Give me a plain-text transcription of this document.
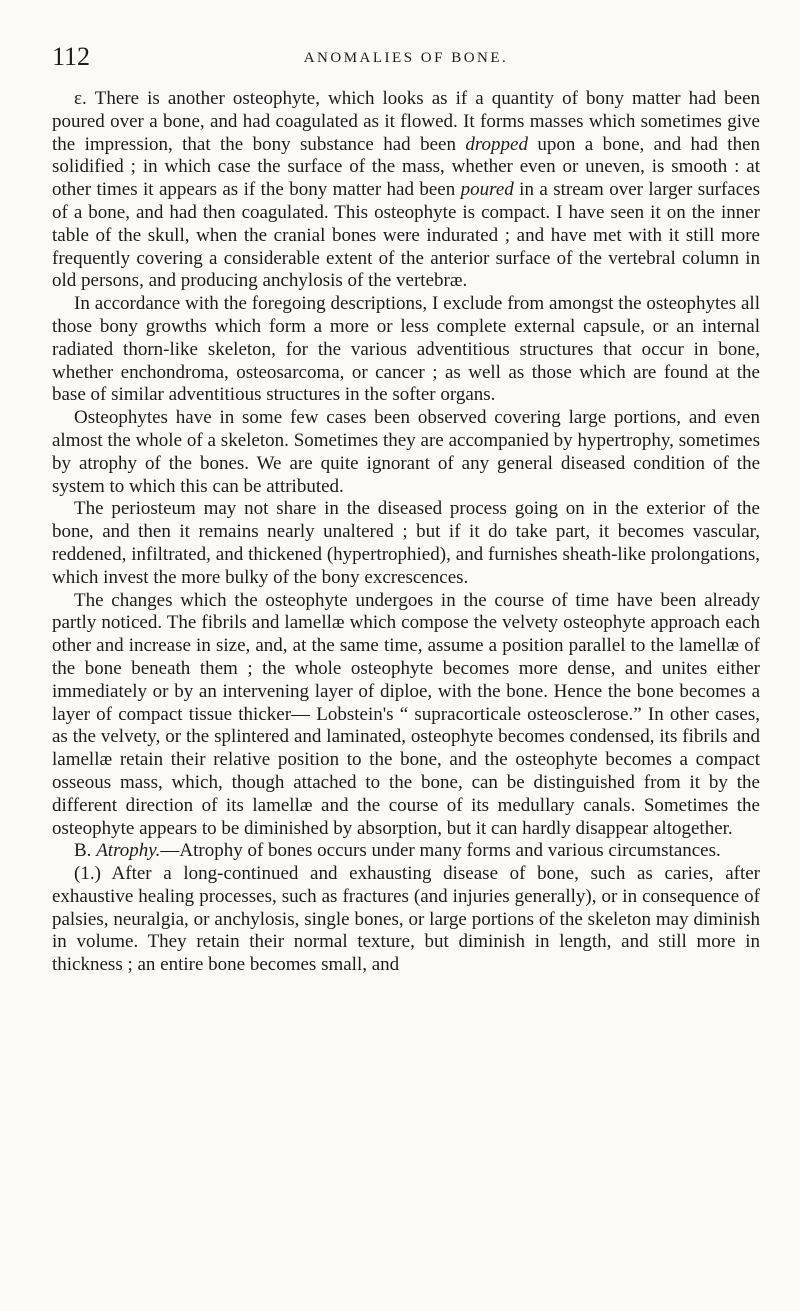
112	ANOMALIES OF BONE.

ε. There is another osteophyte, which looks as if a quantity of bony matter had been poured over a bone, and had coagulated as it flowed. It forms masses which sometimes give the impression, that the bony substance had been dropped upon a bone, and had then solidified ; in which case the surface of the mass, whether even or uneven, is smooth : at other times it appears as if the bony matter had been poured in a stream over larger surfaces of a bone, and had then coagulated. This osteophyte is compact. I have seen it on the inner table of the skull, when the cranial bones were indurated ; and have met with it still more frequently covering a considerable extent of the anterior surface of the vertebral column in old persons, and producing anchylosis of the vertebræ.

In accordance with the foregoing descriptions, I exclude from amongst the osteophytes all those bony growths which form a more or less complete external capsule, or an internal radiated thorn-like skeleton, for the various adventitious structures that occur in bone, whether enchondroma, osteosarcoma, or cancer ; as well as those which are found at the base of similar adventitious structures in the softer organs.

Osteophytes have in some few cases been observed covering large portions, and even almost the whole of a skeleton. Sometimes they are accompanied by hypertrophy, sometimes by atrophy of the bones. We are quite ignorant of any general diseased condition of the system to which this can be attributed.

The periosteum may not share in the diseased process going on in the exterior of the bone, and then it remains nearly unaltered ; but if it do take part, it becomes vascular, reddened, infiltrated, and thickened (hypertrophied), and furnishes sheath-like prolongations, which invest the more bulky of the bony excrescences.

The changes which the osteophyte undergoes in the course of time have been already partly noticed. The fibrils and lamellæ which compose the velvety osteophyte approach each other and increase in size, and, at the same time, assume a position parallel to the lamellæ of the bone beneath them ; the whole osteophyte becomes more dense, and unites either immediately or by an intervening layer of diploe, with the bone. Hence the bone becomes a layer of compact tissue thicker— Lobstein's “ supracorticale osteosclerose.” In other cases, as the velvety, or the splintered and laminated, osteophyte becomes condensed, its fibrils and lamellæ retain their relative position to the bone, and the osteophyte becomes a compact osseous mass, which, though attached to the bone, can be distinguished from it by the different direction of its lamellæ and the course of its medullary canals. Sometimes the osteophyte appears to be diminished by absorption, but it can hardly disappear altogether.

B. Atrophy.—Atrophy of bones occurs under many forms and various circumstances.

(1.) After a long-continued and exhausting disease of bone, such as caries, after exhaustive healing processes, such as fractures (and injuries generally), or in consequence of palsies, neuralgia, or anchylosis, single bones, or large portions of the skeleton may diminish in volume. They retain their normal texture, but diminish in length, and still more in thickness ; an entire bone becomes small, and
